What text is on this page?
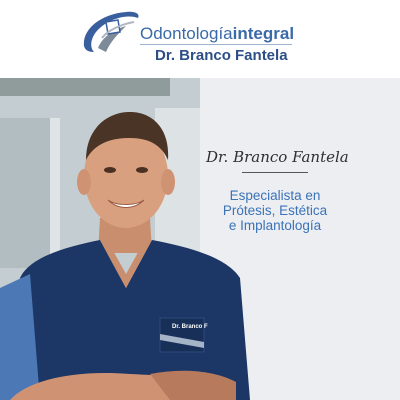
Odontologíaintegral
Dr. Branco Fantela
Dr. Branco F
Dr. Branco Fantela
Especialista en
Prótesis, Estética
e Implantología
